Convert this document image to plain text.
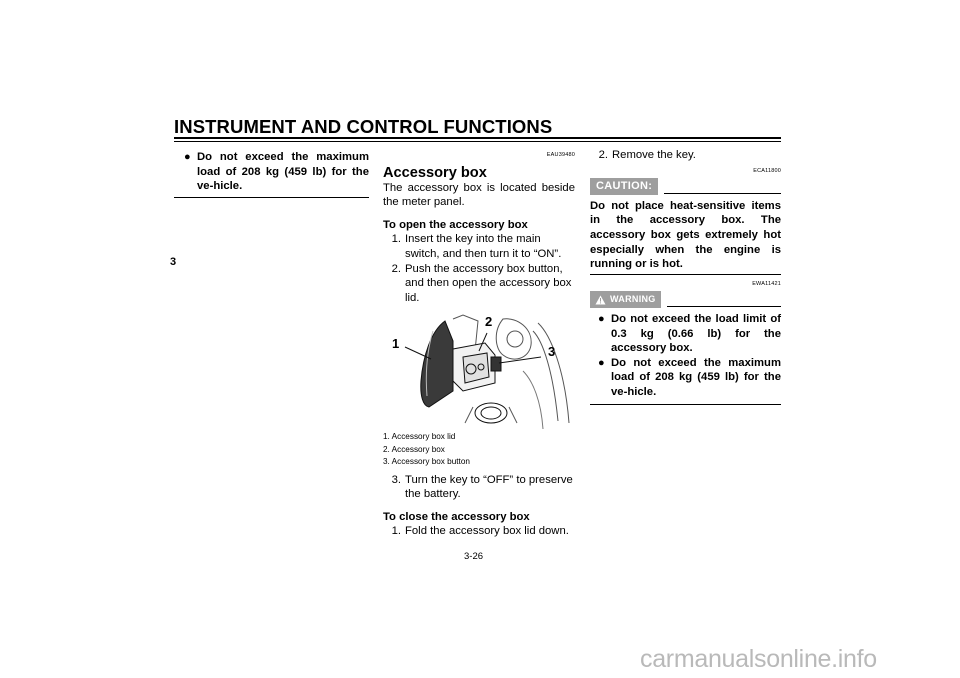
INSTRUMENT AND CONTROL FUNCTIONS
3
● Do not exceed the maximum load of 208 kg (459 lb) for the ve-hicle.
EAU39480
Accessory box
The accessory box is located beside the meter panel.
To open the accessory box
1. Insert the key into the main switch, and then turn it to “ON”.
2. Push the accessory box button, and then open the accessory box lid.
1
2
3
1. Accessory box lid
2. Accessory box
3. Accessory box button
3. Turn the key to “OFF” to preserve the battery.
To close the accessory box
1. Fold the accessory box lid down.
2. Remove the key.
ECA11800
CAUTION:
Do not place heat-sensitive items in the accessory box. The accessory box gets extremely hot especially when the engine is running or is hot.
EWA11421
WARNING
● Do not exceed the load limit of 0.3 kg (0.66 lb) for the accessory box.
● Do not exceed the maximum load of 208 kg (459 lb) for the ve-hicle.
3-26
carmanualsonline.info
